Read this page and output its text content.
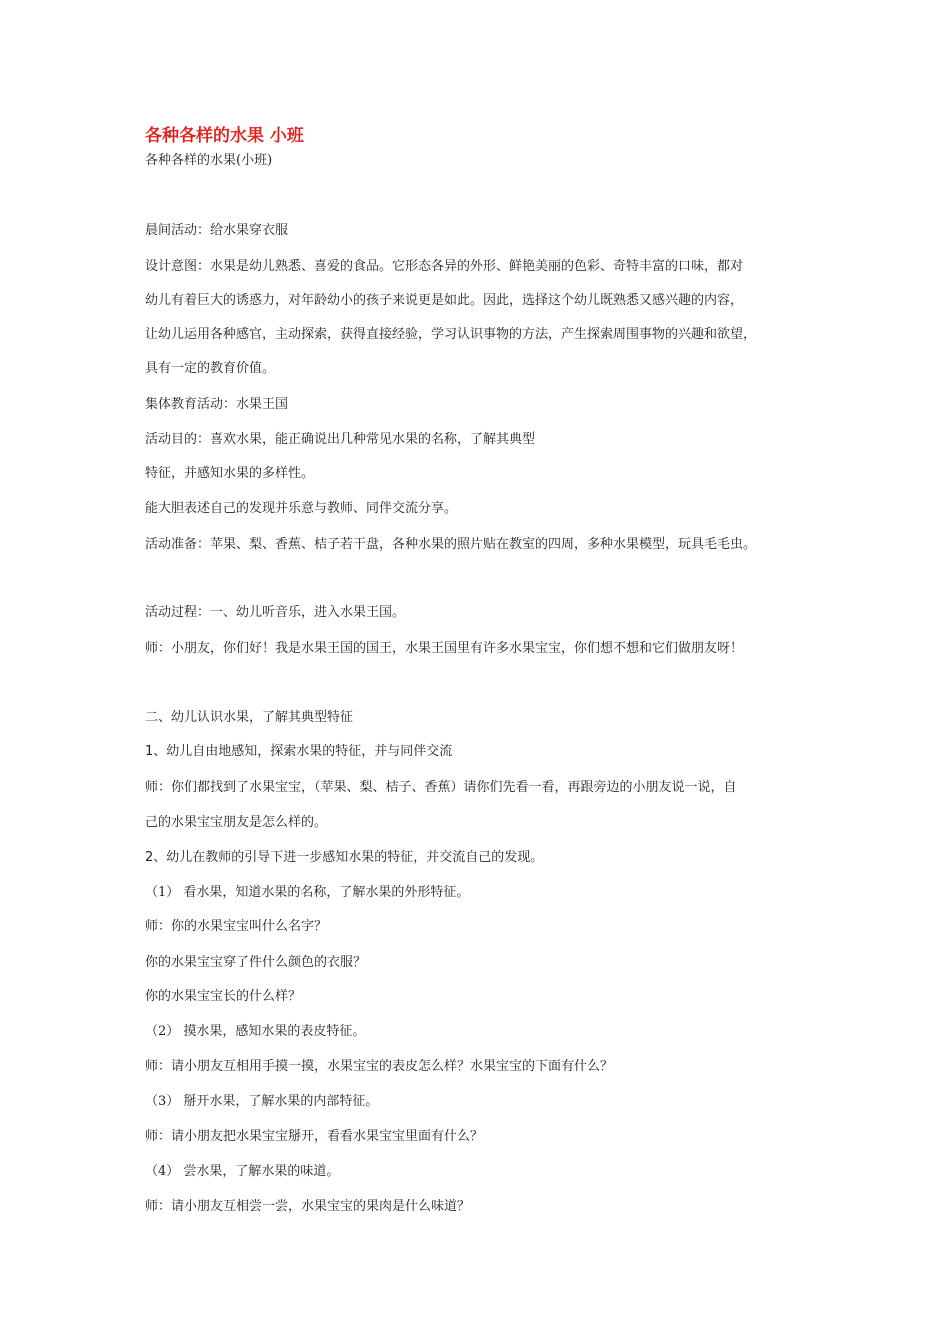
各种各样的水果 小班
各种各样的水果(小班)
晨间活动：给水果穿衣服
设计意图：水果是幼儿熟悉、喜爱的食品。它形态各异的外形、鲜艳美丽的色彩、奇特丰富的口味，都对
幼儿有着巨大的诱惑力，对年龄幼小的孩子来说更是如此。因此，选择这个幼儿既熟悉又感兴趣的内容，
让幼儿运用各种感官，主动探索，获得直接经验，学习认识事物的方法，产生探索周围事物的兴趣和欲望，
具有一定的教育价值。
集体教育活动：水果王国
活动目的：喜欢水果，能正确说出几种常见水果的名称，了解其典型
特征，并感知水果的多样性。
能大胆表述自己的发现并乐意与教师、同伴交流分享。
活动准备：苹果、梨、香蕉、桔子若干盘，各种水果的照片贴在教室的四周，多种水果模型，玩具毛毛虫。
活动过程：一、幼儿听音乐，进入水果王国。
师：小朋友，你们好！我是水果王国的国王，水果王国里有许多水果宝宝，你们想不想和它们做朋友呀！
二、幼儿认识水果，了解其典型特征
1、幼儿自由地感知，探索水果的特征，并与同伴交流
师：你们都找到了水果宝宝，（苹果、梨、桔子、香蕉）请你们先看一看，再跟旁边的小朋友说一说，自
己的水果宝宝朋友是怎么样的。
2、幼儿在教师的引导下进一步感知水果的特征，并交流自己的发现。
（1） 看水果，知道水果的名称，了解水果的外形特征。
师：你的水果宝宝叫什么名字？
你的水果宝宝穿了件什么颜色的衣服？
你的水果宝宝长的什么样？
（2） 摸水果，感知水果的表皮特征。
师：请小朋友互相用手摸一摸，水果宝宝的表皮怎么样？水果宝宝的下面有什么？
（3） 掰开水果，了解水果的内部特征。
师：请小朋友把水果宝宝掰开，看看水果宝宝里面有什么？
（4） 尝水果，了解水果的味道。
师：请小朋友互相尝一尝，水果宝宝的果肉是什么味道？
